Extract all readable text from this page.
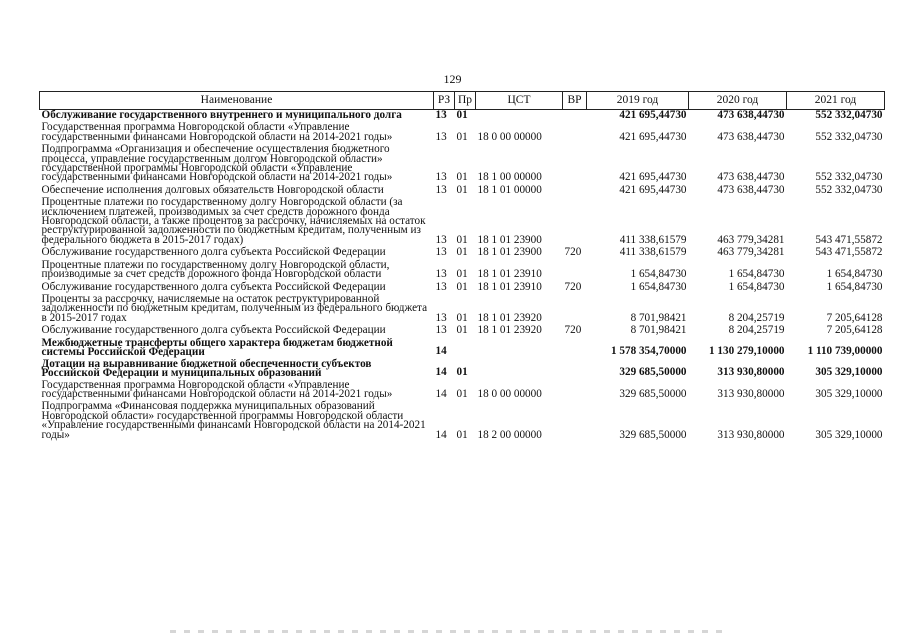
129
Наименование	РЗ	Пр	ЦСТ	ВР	2019 год	2020 год	2021 год
Обслуживание государственного внутреннего и муниципального долга	13	01			421 695,44730	473 638,44730	552 332,04730
Государственная программа Новгородской области «Управление государственными финансами Новгородской области на 2014-2021 годы»	13	01	18 0 00 00000		421 695,44730	473 638,44730	552 332,04730
Подпрограмма «Организация и обеспечение осуществления бюджетного процесса, управление государственным долгом Новгородской области» государственной программы Новгородской области «Управление государственными финансами Новгородской области на 2014-2021 годы»	13	01	18 1 00 00000		421 695,44730	473 638,44730	552 332,04730
Обеспечение исполнения долговых обязательств Новгородской области	13	01	18 1 01 00000		421 695,44730	473 638,44730	552 332,04730
Процентные платежи по государственному долгу Новгородской области (за исключением платежей, производимых за счет средств дорожного фонда Новгородской области, а также процентов за рассрочку, начисляемых на остаток реструктурированной задолженности по бюджетным кредитам, полученным из федерального бюджета в 2015-2017 годах)	13	01	18 1 01 23900		411 338,61579	463 779,34281	543 471,55872
Обслуживание государственного долга субъекта Российской Федерации	13	01	18 1 01 23900	720	411 338,61579	463 779,34281	543 471,55872
Процентные платежи по государственному долгу Новгородской области, производимые за счет средств дорожного фонда Новгородской области	13	01	18 1 01 23910		1 654,84730	1 654,84730	1 654,84730
Обслуживание государственного долга субъекта Российской Федерации	13	01	18 1 01 23910	720	1 654,84730	1 654,84730	1 654,84730
Проценты за рассрочку, начисляемые на остаток реструктурированной задолженности по бюджетным кредитам, полученным из федерального бюджета в 2015-2017 годах	13	01	18 1 01 23920		8 701,98421	8 204,25719	7 205,64128
Обслуживание государственного долга субъекта Российской Федерации	13	01	18 1 01 23920	720	8 701,98421	8 204,25719	7 205,64128
Межбюджетные трансферты общего характера бюджетам бюджетной системы Российской Федерации	14				1 578 354,70000	1 130 279,10000	1 110 739,00000
Дотации на выравнивание бюджетной обеспеченности субъектов Российской Федерации и муниципальных образований	14	01			329 685,50000	313 930,80000	305 329,10000
Государственная программа Новгородской области «Управление государственными финансами Новгородской области на 2014-2021 годы»	14	01	18 0 00 00000		329 685,50000	313 930,80000	305 329,10000
Подпрограмма «Финансовая поддержка муниципальных образований Новгородской области» государственной программы Новгородской области «Управление государственными финансами Новгородской области на 2014-2021 годы»	14	01	18 2 00 00000		329 685,50000	313 930,80000	305 329,10000
